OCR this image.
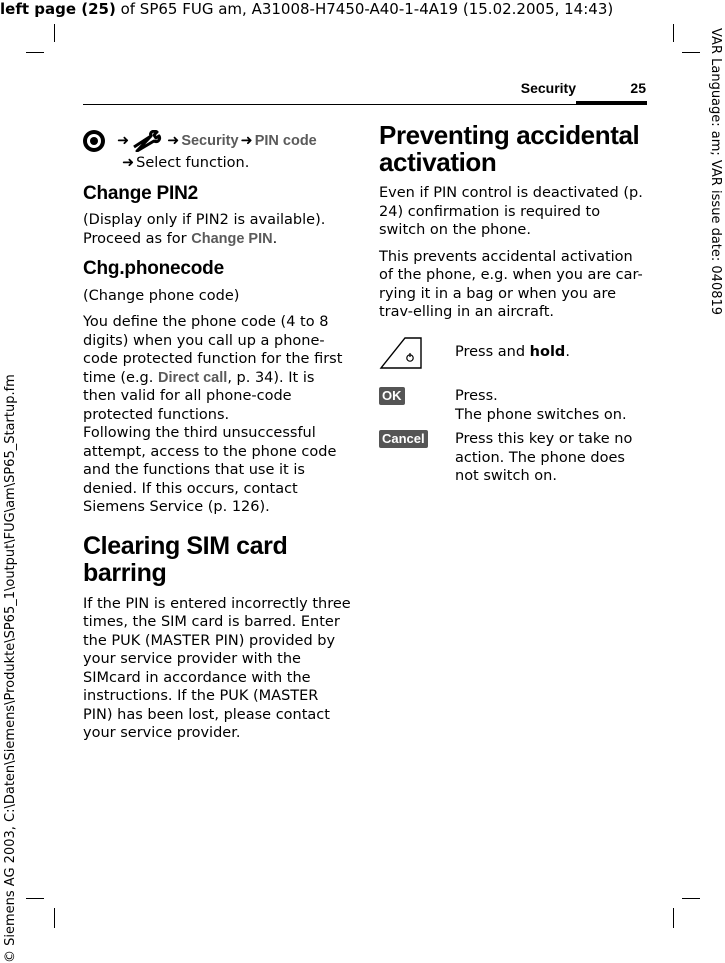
left page (25) of SP65 FUG am, A31008-H7450-A40-1-4A19 (15.02.2005, 14:43)
VAR Language: am; VAR issue date: 040819
© Siemens AG 2003, C:\Daten\Siemens\Produkte\SP65_1\output\FUG\am\SP65_Startup.fm
Security	25
➜	➜ Security ➜ PIN code
➜ Select function.
Change PIN2

(Display only if PIN2 is available). Proceed as for Change PIN.

Chg.phonecode

(Change phone code)

You define the phone code (4 to 8 digits) when you call up a phone-code protected function for the first time (e.g. Direct call, p. 34). It is then valid for all phone-code protected functions.

Following the third unsuccessful attempt, access to the phone code and the functions that use it is denied. If this occurs, contact Siemens Service (p. 126).

Clearing SIM card barring

If the PIN is entered incorrectly three times, the SIM card is barred. Enter the PUK (MASTER PIN) provided by your service provider with the SIMcard in accordance with the instructions. If the PUK (MASTER PIN) has been lost, please contact your service provider.

Preventing accidental activation

Even if PIN control is deactivated (p. 24) confirmation is required to switch on the phone.

This prevents accidental activation of the phone, e.g. when you are car-rying it in a bag or when you are trav-elling in an aircraft.

Press and hold.
OK	Press.
The phone switches on.
Cancel	Press this key or take no action. The phone does not switch on.
